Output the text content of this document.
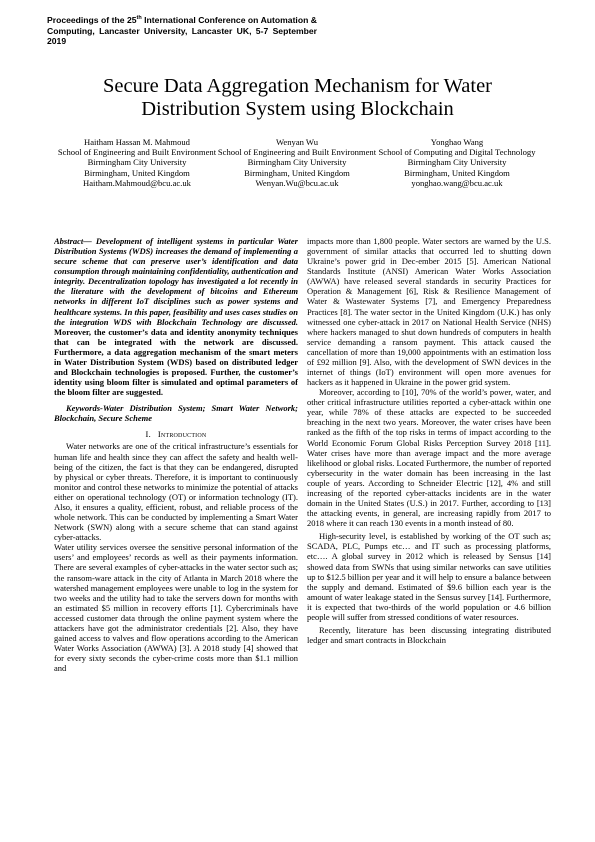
Proceedings of the 25th International Conference on Automation & Computing, Lancaster University, Lancaster UK, 5-7 September 2019
Secure Data Aggregation Mechanism for Water
Distribution System using Blockchain
Haitham Hassan M. Mahmoud
School of Engineering and Built Environment
Birmingham City University
Birmingham, United Kingdom
Haitham.Mahmoud@bcu.ac.uk
Wenyan Wu
School of Engineering and Built Environment
Birmingham City University
Birmingham, United Kingdom
Wenyan.Wu@bcu.ac.uk
Yonghao Wang
School of Computing and Digital Technology
Birmingham City University
Birmingham, United Kingdom
yonghao.wang@bcu.ac.uk

Abstract— Development of intelligent systems in particular Water Distribution Systems (WDS) increases the demand of implementing a secure scheme that can preserve user’s identification and data consumption through maintaining confidentiality, authentication and integrity. Decentralization topology has investigated a lot recently in the literature with the development of bitcoins and Ethereum networks in different IoT disciplines such as power systems and healthcare systems. In this paper, feasibility and uses cases studies on the integration WDS with Blockchain Technology are discussed. Moreover, the customer’s data and identity anonymity techniques that can be integrated with the network are discussed. Furthermore, a data aggregation mechanism of the smart meters in Water Distribution System (WDS) based on distributed ledger and Blockchain technologies is proposed. Further, the customer’s identity using bloom filter is simulated and optimal parameters of the bloom filter are suggested.

Keywords-Water Distribution System; Smart Water Network; Blockchain, Secure Scheme

I. Introduction

Water networks are one of the critical infrastructure’s essentials for human life and health since they can affect the safety and health well-being of the citizen, the fact is that they can be endangered, disrupted by physical or cyber threats. Therefore, it is important to continuously monitor and control these networks to minimize the potential of attacks either on operational technology (OT) or information technology (IT). Also, it ensures a quality, efficient, robust, and reliable process of the whole network. This can be conducted by implementing a Smart Water Network (SWN) along with a secure scheme that can stand against cyber-attacks.

Water utility services oversee the sensitive personal information of the users’ and employees’ records as well as their payments information. There are several examples of cyber-attacks in the water sector such as; the ransom-ware attack in the city of Atlanta in March 2018 where the watershed management employees were unable to log in the system for two weeks and the utility had to take the servers down for months with an estimated $5 million in recovery efforts [1]. Cybercriminals have accessed customer data through the online payment system where the attackers have got the administrator credentials [2]. Also, they have gained access to valves and flow operations according to the American Water Works Association (AWWA) [3]. A 2018 study [4] showed that for every sixty seconds the cyber-crime costs more than $1.1 million and

impacts more than 1,800 people. Water sectors are warned by the U.S. government of similar attacks that occurred led to shutting down Ukraine’s power grid in Dec-ember 2015 [5]. American National Standards Institute (ANSI) American Water Works Association (AWWA) have released several standards in security Practices for Operation & Management [6], Risk & Resilience Management of Water & Wastewater Systems [7], and Emergency Preparedness Practices [8]. The water sector in the United Kingdom (U.K.) has only witnessed one cyber-attack in 2017 on National Health Service (NHS) where hackers managed to shut down hundreds of computers in health service demanding a ransom payment. This attack caused the cancellation of more than 19,000 appointments with an estimation loss of £92 million [9]. Also, with the development of SWN devices in the internet of things (IoT) environment will open more avenues for hackers as it happened in Ukraine in the power grid system.

Moreover, according to [10], 70% of the world’s power, water, and other critical infrastructure utilities reported a cyber-attack within one year, while 78% of these attacks are expected to be succeeded breaching in the next two years. Moreover, the water crises have been ranked as the fifth of the top risks in terms of impact according to the World Economic Forum Global Risks Perception Survey 2018 [11]. Water crises have more than average impact and the more average likelihood or global risks. Located Furthermore, the number of reported cybersecurity in the water domain has been increasing in the last couple of years. According to Schneider Electric [12], 4% and still increasing of the reported cyber-attacks incidents are in the water domain in the United States (U.S.) in 2017. Further, according to [13] the attacking events, in general, are increasing rapidly from 2017 to 2018 where it can reach 130 events in a month instead of 80.

High-security level, is established by working of the OT such as; SCADA, PLC, Pumps etc… and IT such as processing platforms, etc…. A global survey in 2012 which is released by Sensus [14] showed data from SWNs that using similar networks can save utilities up to $12.5 billion per year and it will help to ensure a balance between the supply and demand. Estimated of $9.6 billion each year is the amount of water leakage stated in the Sensus survey [14]. Furthermore, it is expected that two-thirds of the world population or 4.6 billion people will suffer from stressed conditions of water resources.

Recently, literature has been discussing integrating distributed ledger and smart contracts in Blockchain
